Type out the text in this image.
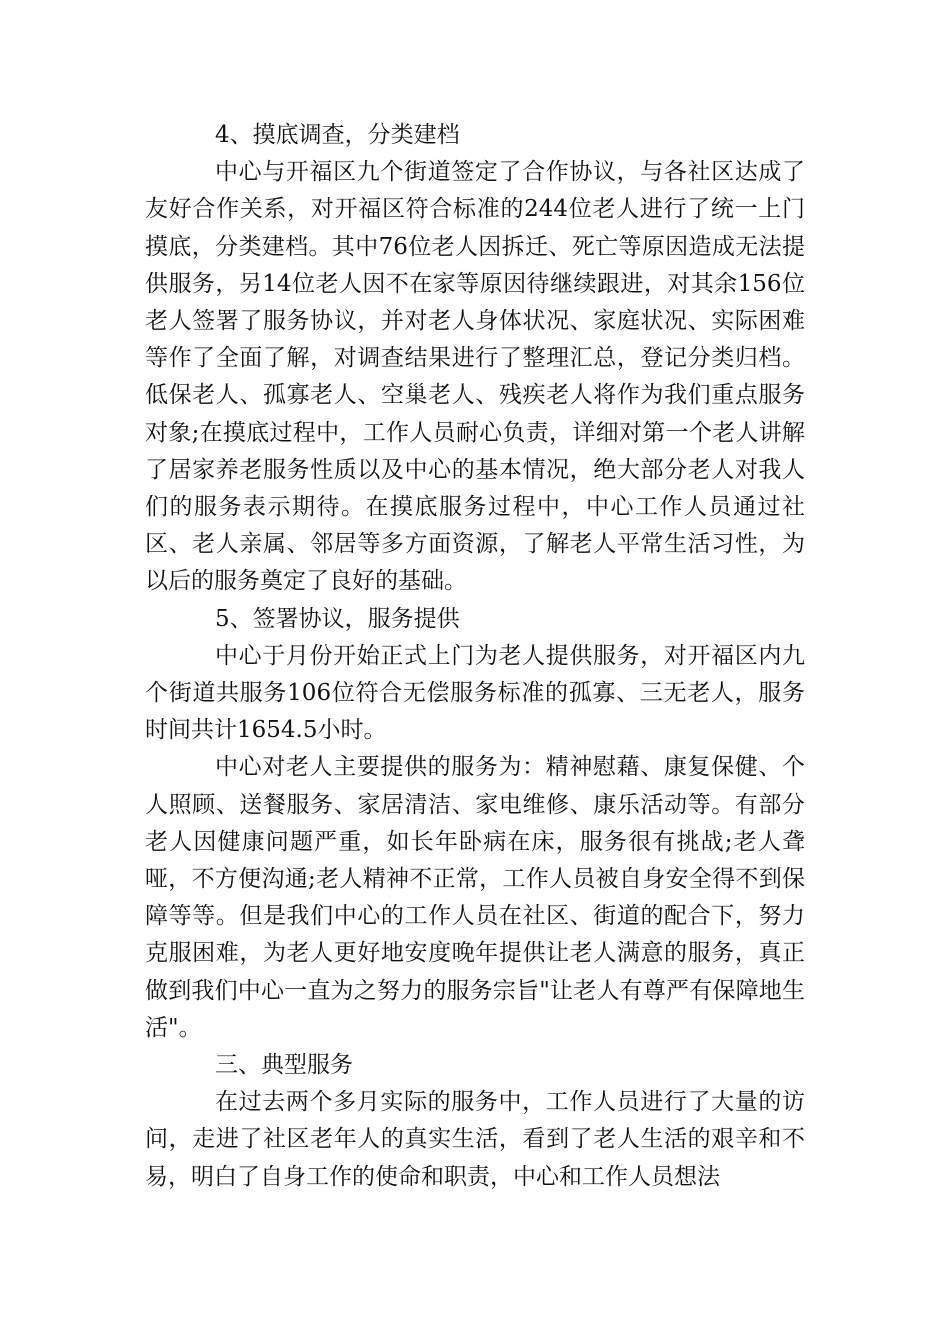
4、摸底调查，分类建档

中心与开福区九个街道签定了合作协议，与各社区达成了友好合作关系，对开福区符合标准的244位老人进行了统一上门摸底，分类建档。其中76位老人因拆迁、死亡等原因造成无法提供服务，另14位老人因不在家等原因待继续跟进，对其余156位老人签署了服务协议，并对老人身体状况、家庭状况、实际困难等作了全面了解，对调查结果进行了整理汇总，登记分类归档。低保老人、孤寡老人、空巢老人、残疾老人将作为我们重点服务对象;在摸底过程中，工作人员耐心负责，详细对第一个老人讲解了居家养老服务性质以及中心的基本情况，绝大部分老人对我人们的服务表示期待。在摸底服务过程中，中心工作人员通过社区、老人亲属、邻居等多方面资源，了解老人平常生活习性，为以后的服务奠定了良好的基础。

5、签署协议，服务提供

中心于月份开始正式上门为老人提供服务，对开福区内九个街道共服务106位符合无偿服务标准的孤寡、三无老人，服务时间共计1654.5小时。

中心对老人主要提供的服务为：精神慰藉、康复保健、个人照顾、送餐服务、家居清洁、家电维修、康乐活动等。有部分老人因健康问题严重，如长年卧病在床，服务很有挑战;老人聋哑，不方便沟通;老人精神不正常，工作人员被自身安全得不到保障等等。但是我们中心的工作人员在社区、街道的配合下，努力克服困难，为老人更好地安度晚年提供让老人满意的服务，真正做到我们中心一直为之努力的服务宗旨"让老人有尊严有保障地生活"。

三、典型服务

在过去两个多月实际的服务中，工作人员进行了大量的访问，走进了社区老年人的真实生活，看到了老人生活的艰辛和不易，明白了自身工作的使命和职责，中心和工作人员想法
